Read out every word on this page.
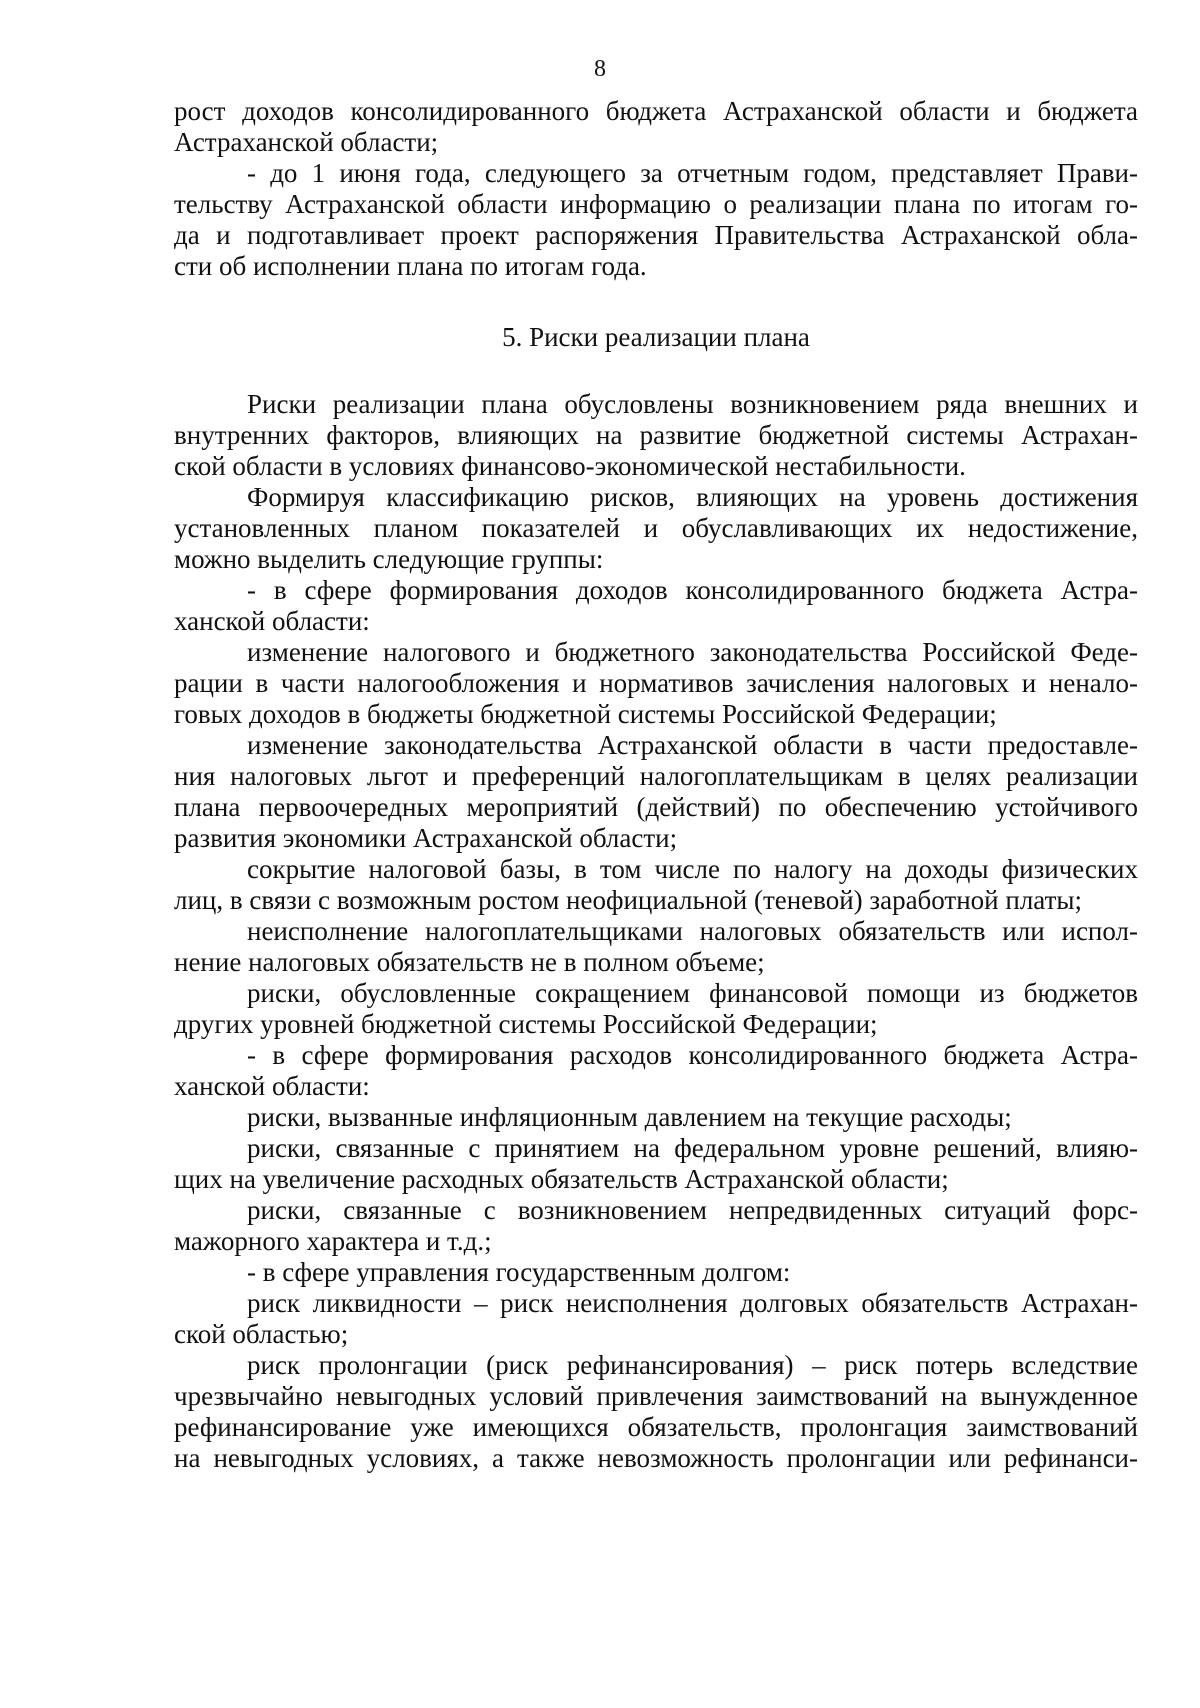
8
рост доходов консолидированного бюджета Астраханской области и бюджета
Астраханской области;
- до 1 июня года, следующего за отчетным годом, представляет Прави-
тельству Астраханской области информацию о реализации плана по итогам го-
да и подготавливает проект распоряжения Правительства Астраханской обла-
сти об исполнении плана по итогам года.
5. Риски реализации плана
Риски реализации плана обусловлены возникновением ряда внешних и
внутренних факторов, влияющих на развитие бюджетной системы Астрахан-
ской области в условиях финансово-экономической нестабильности.
Формируя классификацию рисков, влияющих на уровень достижения
установленных планом показателей и обуславливающих их недостижение,
можно выделить следующие группы:
- в сфере формирования доходов консолидированного бюджета Астра-
ханской области:
изменение налогового и бюджетного законодательства Российской Феде-
рации в части налогообложения и нормативов зачисления налоговых и ненало-
говых доходов в бюджеты бюджетной системы Российской Федерации;
изменение законодательства Астраханской области в части предоставле-
ния налоговых льгот и преференций налогоплательщикам в целях реализации
плана первоочередных мероприятий (действий) по обеспечению устойчивого
развития экономики Астраханской области;
сокрытие налоговой базы, в том числе по налогу на доходы физических
лиц, в связи с возможным ростом неофициальной (теневой) заработной платы;
неисполнение налогоплательщиками налоговых обязательств или испол-
нение налоговых обязательств не в полном объеме;
риски, обусловленные сокращением финансовой помощи из бюджетов
других уровней бюджетной системы Российской Федерации;
- в сфере формирования расходов консолидированного бюджета Астра-
ханской области:
риски, вызванные инфляционным давлением на текущие расходы;
риски, связанные с принятием на федеральном уровне решений, влияю-
щих на увеличение расходных обязательств Астраханской области;
риски, связанные с возникновением непредвиденных ситуаций форс-
мажорного характера и т.д.;
- в сфере управления государственным долгом:
риск ликвидности – риск неисполнения долговых обязательств Астрахан-
ской областью;
риск пролонгации (риск рефинансирования) – риск потерь вследствие
чрезвычайно невыгодных условий привлечения заимствований на вынужденное
рефинансирование уже имеющихся обязательств, пролонгация заимствований
на невыгодных условиях, а также невозможность пролонгации или рефинанси-
